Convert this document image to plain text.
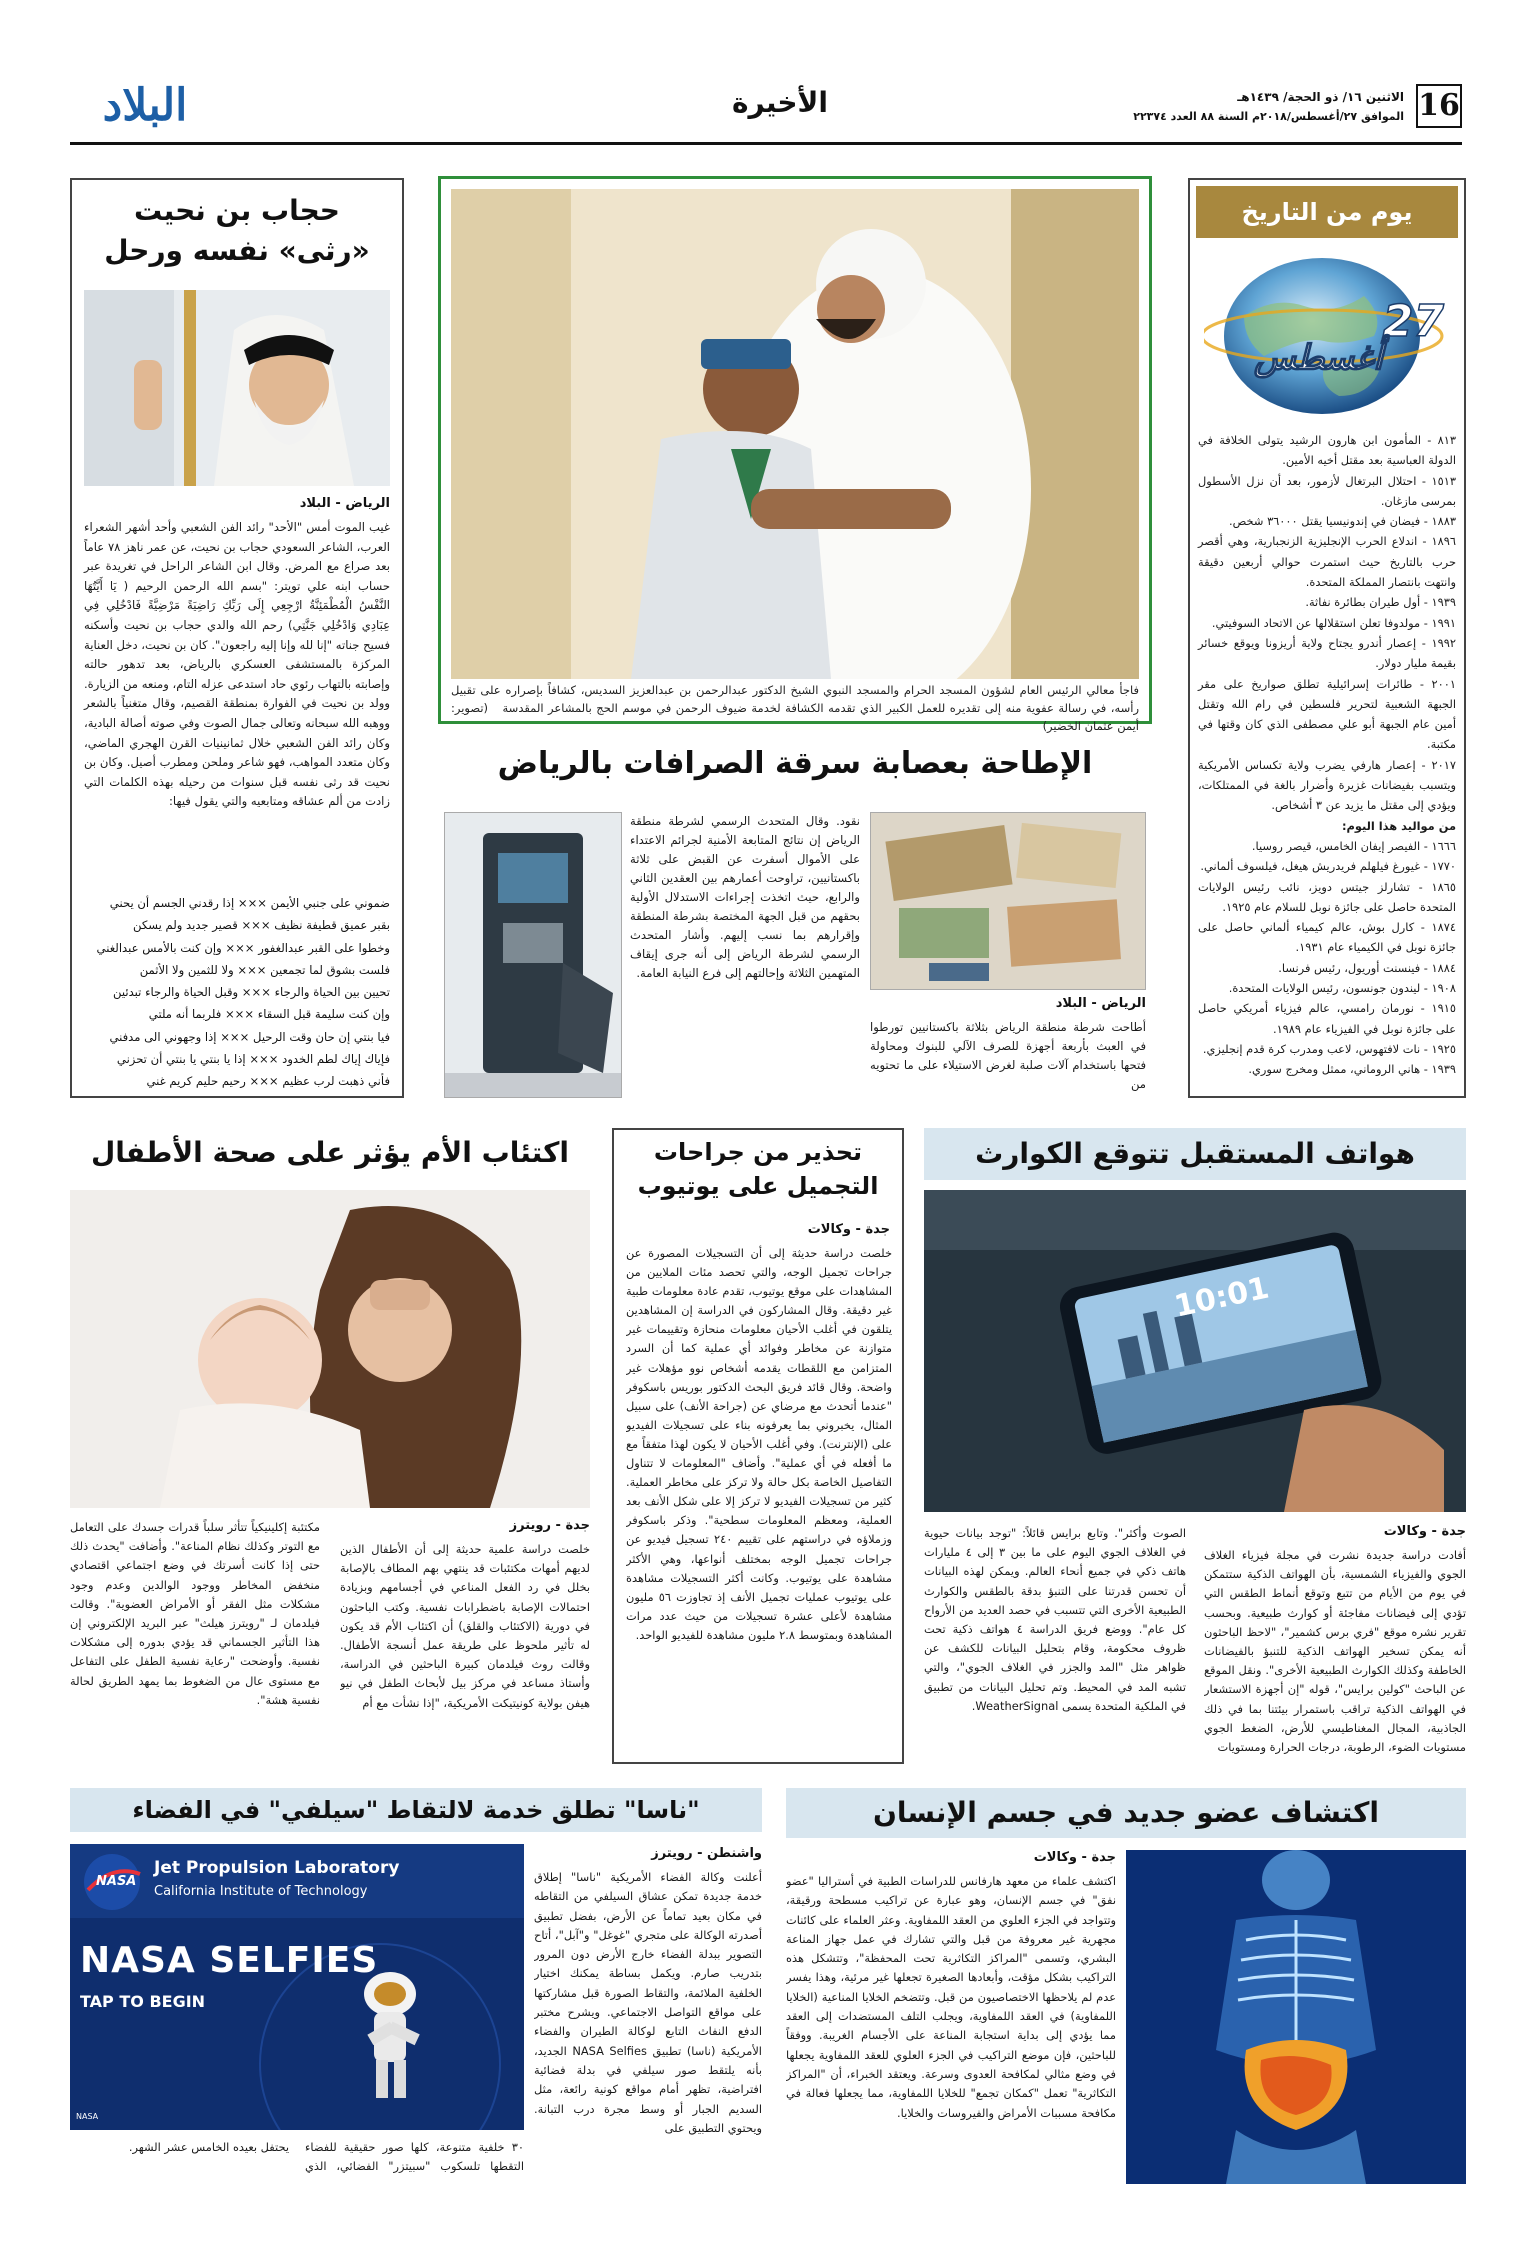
16
الاثنين ١٦/ ذو الحجة/ ١٤٣٩هـ
الموافق ٢٧/أغسطس/٢٠١٨م السنة ٨٨ العدد ٢٢٣٧٤
الأخيرة
البلاد
يوم من التاريخ
27
أغسطس

٨١٣ - المأمون ابن هارون الرشيد يتولى الخلافة في الدولة العباسية بعد مقتل أخيه الأمين.

١٥١٣ - احتلال البرتغال لأزمور، بعد أن نزل الأسطول بمرسى مازغان.

١٨٨٣ - فيضان في إندونيسيا يقتل ٣٦٠٠٠ شخص.

١٨٩٦ - اندلاع الحرب الإنجليزية الزنجبارية، وهي أقصر حرب بالتاريخ حيث استمرت حوالي أربعين دقيقة وانتهت بانتصار المملكة المتحدة.

١٩٣٩ - أول طيران بطائرة نفاثة.

١٩٩١ - مولدوفا تعلن استقلالها عن الاتحاد السوفيتي.

١٩٩٢ - إعصار أندرو يجتاح ولاية أريزونا ويوقع خسائر بقيمة مليار دولار.

٢٠٠١ - طائرات إسرائيلية تطلق صواريخ على مقر الجبهة الشعبية لتحرير فلسطين في رام الله وتقتل أمين عام الجبهة أبو علي مصطفى الذي كان وقتها في مكتبة.

٢٠١٧ - إعصار هارفي يضرب ولاية تكساس الأمريكية ويتسبب بفيضانات غزيرة وأضرار بالغة في الممتلكات، ويؤدي إلى مقتل ما يزيد عن ٣ أشخاص.

من مواليد هذا اليوم:

١٦٦٦ - الفيصر إيفان الخامس، قيصر روسيا.

١٧٧٠ - غيورغ فيلهلم فريدريش هيغل، فيلسوف ألماني.

١٨٦٥ - تشارلز جيتس دويز، نائب رئيس الولايات المتحدة حاصل على جائزة نوبل للسلام عام ١٩٢٥.

١٨٧٤ - كارل بوش، عالم كيمياء ألماني حاصل على جائزة نوبل في الكيمياء عام ١٩٣١.

١٨٨٤ - فينسنت أوريول، رئيس فرنسا.

١٩٠٨ - ليندون جونسون، رئيس الولايات المتحدة.

١٩١٥ - نورمان رامسي، عالم فيزياء أمريكي حاصل على جائزة نوبل في الفيزياء عام ١٩٨٩.

١٩٢٥ - نات لافتهوس، لاعب ومدرب كرة قدم إنجليزي.

١٩٣٩ - هاني الروماني، ممثل ومخرج سوري.

فاجأ معالي الرئيس العام لشؤون المسجد الحرام والمسجد النبوي الشيخ الدكتور عبدالرحمن بن عبدالعزيز السديس، كشافاً بإصراره على تقبيل رأسه، في رسالة عفوية منه إلى تقديره للعمل الكبير الذي تقدمه الكشافة لخدمة ضيوف الرحمن في موسم الحج بالمشاعر المقدسة (تصوير: أيمن عثمان الخضير)
حجاب بن نحيت
«رثى» نفسه ورحل
الرياض - البلاد
غيب الموت أمس "الأحد" رائد الفن الشعبي وأحد أشهر الشعراء العرب، الشاعر السعودي حجاب بن نحيت، عن عمر ناهز ٧٨ عاماً بعد صراع مع المرض. وقال ابن الشاعر الراحل في تغريدة عبر حساب ابنه علي تويتر: "بسم الله الرحمن الرحيم ( يَا أَيَّتُهَا النَّفْسُ الْمُطْمَئِنَّةُ ارْجِعِي إِلَى رَبِّكِ رَاضِيَةً مَرْضِيَّةً فَادْخُلِي فِي عِبَادِي وَادْخُلِي جَنَّتِي) رحم الله والدي حجاب بن نحيت وأسكنه فسيح جناته "إنا لله وإنا إليه راجعون". كان بن نحيت، دخل العناية المركزة بالمستشفى العسكري بالرياض، بعد تدهور حالته وإصابته بالتهاب رئوي حاد استدعى عزله التام، ومنعه من الزيارة. وولد بن نحيت في الفوارة بمنطقة القصيم، وقال متغنياً بالشعر ووهبه الله سبحانه وتعالى جمال الصوت وفي صوته أصالة البادية، وكان رائد الفن الشعبي خلال ثمانينيات القرن الهجري الماضي، وكان متعدد المواهب، فهو شاعر وملحن ومطرب أصيل. وكان بن نحيت قد رثى نفسه قبل سنوات من رحيله بهذه الكلمات التي زادت من ألم عشاقه ومتابعيه والتي يقول فيها:

ضموني على جنبي الأيمن ××× إذا رقدني الجسم أن يحني

بقبر عميق قطيفة نظيف ××× قصير جديد ولم يسكن

وخطوا على القبر عبدالغفور ××× وإن كنت بالأمس عبدالغني

فلست بشوق لما تجمعين ××× ولا للثمين ولا الأثمن

تحيين بين الحياة والرجاء ××× وقبل الحياة والرجاء تبدئين

وإن كنت سليمة قبل السقاء ××× فلربما أنه ملتي

فيا بنتي إن حان وقت الرحيل ××× إذا وجهوني الى مدفني

فإياك إياك لطم الخدود ××× إذا يا بنتي يا بنتي أن تحزني

فأني ذهبت لرب عظيم ××× رحيم حليم كريم غني

الإطاحة بعصابة سرقة الصرافات بالرياض
الرياض - البلاد
أطاحت شرطة منطقة الرياض بثلاثة باكستانيين تورطوا في العبث بأربعة أجهزة للصرف الآلي للبنوك ومحاولة فتحها باستخدام آلات صلبة لغرض الاستيلاء على ما تحتويه من
نقود. وقال المتحدث الرسمي لشرطة منطقة الرياض إن نتائج المتابعة الأمنية لجرائم الاعتداء على الأموال أسفرت عن القبض على ثلاثة باكستانيين، تراوحت أعمارهم بين العقدين الثاني والرابع، حيث اتخذت إجراءات الاستدلال الأولية بحقهم من قبل الجهة المختصة بشرطة المنطقة وإقرارهم بما نسب إليهم. وأشار المتحدث الرسمي لشرطة الرياض إلى أنه جرى إيقاف المتهمين الثلاثة وإحالتهم إلى فرع النيابة العامة.
هواتف المستقبل تتوقع الكوارث
10:01
جدة - وكالات
أفادت دراسة جديدة نشرت في مجلة فيزياء الغلاف الجوي والفيزياء الشمسية، بأن الهواتف الذكية ستتمكن في يوم من الأيام من تتبع وتوقع أنماط الطقس التي تؤدي إلى فيضانات مفاجئة أو كوارث طبيعية. وبحسب تقرير نشره موقع "فري برس كشمير"، "لاحظ الباحثون أنه يمكن تسخير الهواتف الذكية للتنبؤ بالفيضانات الخاطفة وكذلك الكوارث الطبيعية الأخرى". ونقل الموقع عن الباحث "كولين برايس"، قوله "إن أجهزة الاستشعار في الهواتف الذكية تراقب باستمرار بيئتنا بما في ذلك الجاذبية، المجال المغناطيسي للأرض، الضغط الجوي مستويات الضوء، الرطوبة، درجات الحرارة ومستويات
الصوت وأكثر". وتابع برايس قائلاً: "توجد بيانات حيوية في الغلاف الجوي اليوم على ما بين ٣ إلى ٤ مليارات هاتف ذكي في جميع أنحاء العالم. ويمكن لهذه البيانات أن تحسن قدرتنا على التنبؤ بدقة بالطقس والكوارث الطبيعية الأخرى التي تتسبب في حصد العديد من الأرواح كل عام". ووضع فريق الدراسة ٤ هواتف ذكية تحت ظروف محكومة، وقام بتحليل البيانات للكشف عن ظواهر مثل "المد والجزر في الغلاف الجوي"، والتي تشبه المد في المحيط. وتم تحليل البيانات من تطبيق في الملكية المتحدة يسمى WeatherSignal.
تحذير من جراحات
التجميل على يوتيوب
جدة - وكالات
خلصت دراسة حديثة إلى أن التسجيلات المصورة عن جراحات تجميل الوجه، والتي تحصد مئات الملايين من المشاهدات على موقع يوتيوب، تقدم عادة معلومات طبية غير دقيقة. وقال المشاركون في الدراسة إن المشاهدين يتلقون في أغلب الأحيان معلومات منحازة وتقييمات غير متوازنة عن مخاطر وفوائد أي عملية كما أن السرد المتزامن مع اللقطات يقدمه أشخاص نوو مؤهلات غير واضحة. وقال قائد فريق البحث الدكتور بوريس باسكوفر "عندما أتحدث مع مرضاي عن (جراحة الأنف) على سبيل المثال، يخبروني بما يعرفونه بناء على تسجيلات الفيديو على (الإنترنت). وفي أغلب الأحيان لا يكون لهذا متفقاً مع ما أفعله في أي عملية". وأضاف "المعلومات لا تتناول التفاصيل الخاصة بكل حالة ولا تركز على مخاطر العملية. كثير من تسجيلات الفيديو لا تركز إلا على شكل الأنف بعد العملية، ومعظم المعلومات سطحية". وذكر باسكوفر وزملاؤه في دراستهم على تقييم ٢٤٠ تسجيل فيديو عن جراحات تجميل الوجه بمختلف أنواعها، وهي الأكثر مشاهدة على يوتيوب. وكانت أكثر التسجيلات مشاهدة على يوتيوب عمليات تجميل الأنف إذ تجاوزت ٥٦ مليون مشاهدة لأعلى عشرة تسجيلات من حيث عدد مرات المشاهدة وبمتوسط ٢.٨ مليون مشاهدة للفيديو الواحد.
اكتئاب الأم يؤثر على صحة الأطفال
جدة - رويترز
خلصت دراسة علمية حديثة إلى أن الأطفال الذين لديهم أمهات مكتئبات قد ينتهي بهم المطاف بالإصابة بخلل في رد الفعل المناعي في أجسامهم وبزيادة احتمالات الإصابة باضطرابات نفسية. وكتب الباحثون في دورية (الاكتئاب والقلق) أن اكتئاب الأم قد يكون له تأثير ملحوظ على طريقة عمل أنسجة الأطفال. وقالت روث فيلدمان كبيرة الباحثين في الدراسة، وأستاذ مساعد في مركز بيل لأبحاث الطفل في نيو هيفن بولاية كونيتيكت الأمريكية، "إذا نشأت مع أم
مكتئبة إكلينيكياً تتأثر سلباً قدرات جسدك على التعامل مع التوتر وكذلك نظام المناعة". وأضافت "يحدث ذلك حتى إذا كانت أسرتك في وضع اجتماعي اقتصادي منخفض المخاطر ووجود الوالدين وعدم وجود مشكلات مثل الفقر أو الأمراض العضوية". وقالت فيلدمان لـ "رويترز هيلث" عبر البريد الإلكتروني إن هذا التأثير الجسماني قد يؤدي بدوره إلى مشكلات نفسية. وأوضحت "رعاية نفسية الطفل على التفاعل مع مستوى عال من الضغوط بما يمهد الطريق لحالة نفسية هشة".
اكتشاف عضو جديد في جسم الإنسان
جدة - وكالات
اكتشف علماء من معهد هارفانس للدراسات الطبية في أستراليا "عضو نفق" في جسم الإنسان، وهو عبارة عن تراكيب مسطحة ورقيقة، وتتواجد في الجزء العلوي من العقد اللمفاوية. وعثر العلماء على كائنات مجهرية غير معروفة من قبل والتي تشارك في عمل جهاز المناعة البشري، وتسمى "المراكز التكاثرية تحت المحفظة"، وتتشكل هذه التراكيب بشكل مؤقت، وأبعادها الصغيرة تجعلها غير مرئية، وهذا يفسر عدم لم يلاحظها الاختصاصيون من قبل. وتتضخم الخلايا المناعية (الخلايا اللمفاوية) في العقد اللمفاوية، ويجلب التلف المستضدات إلى العقد مما يؤدي إلى بداية استجابة المناعة على الأجسام الغريبة. ووفقاً للباحثين، فإن موضع التراكيب في الجزء العلوي للعقد اللمفاوية يجعلها في وضع مثالي لمكافحة العدوى وسرعة. ويعتقد الخبراء، أن "المراكز التكاثرية" تعمل "كمكان تجمع" للخلايا اللمفاوية، مما يجعلها فعالة في مكافحة مسببات الأمراض والفيروسات والخلايا.
"ناسا" تطلق خدمة لالتقاط "سيلفي" في الفضاء
NASA
Jet Propulsion Laboratory
California Institute of Technology
NASA SELFIES
TAP TO BEGIN
NASA
واشنطن - رويترز
أعلنت وكالة الفضاء الأمريكية "ناسا" إطلاق خدمة جديدة تمكن عشاق السيلفي من التقاطه في مكان بعيد تماماً عن الأرض، بفضل تطبيق أصدرته الوكالة على متجري "غوغل" و"آبل"، أتاح التصوير ببدلة الفضاء خارج الأرض دون المرور بتدريب صارم. ويكمل بساطة يمكنك اختيار الخلفية الملائمة، والتقاط الصورة قبل مشاركتها على مواقع التواصل الاجتماعي. ويشرح مختبر الدفع النفاث التابع لوكالة الطيران والفضاء الأمريكية (ناسا) تطبيق NASA Selfies الجديد، بأنه يلتقط صور سيلفي في بدلة فضائية افتراضية، تظهر أمام مواقع كونية رائعة، مثل السديم الجبار أو وسط مجرة درب التبانة. ويحتوي التطبيق على
٣٠ خلفية متنوعة، كلها صور حقيقية للفضاء التقطها تلسكوب "سبيتزر" الفضائي، الذي يحتفل بعيده الخامس عشر الشهر.
